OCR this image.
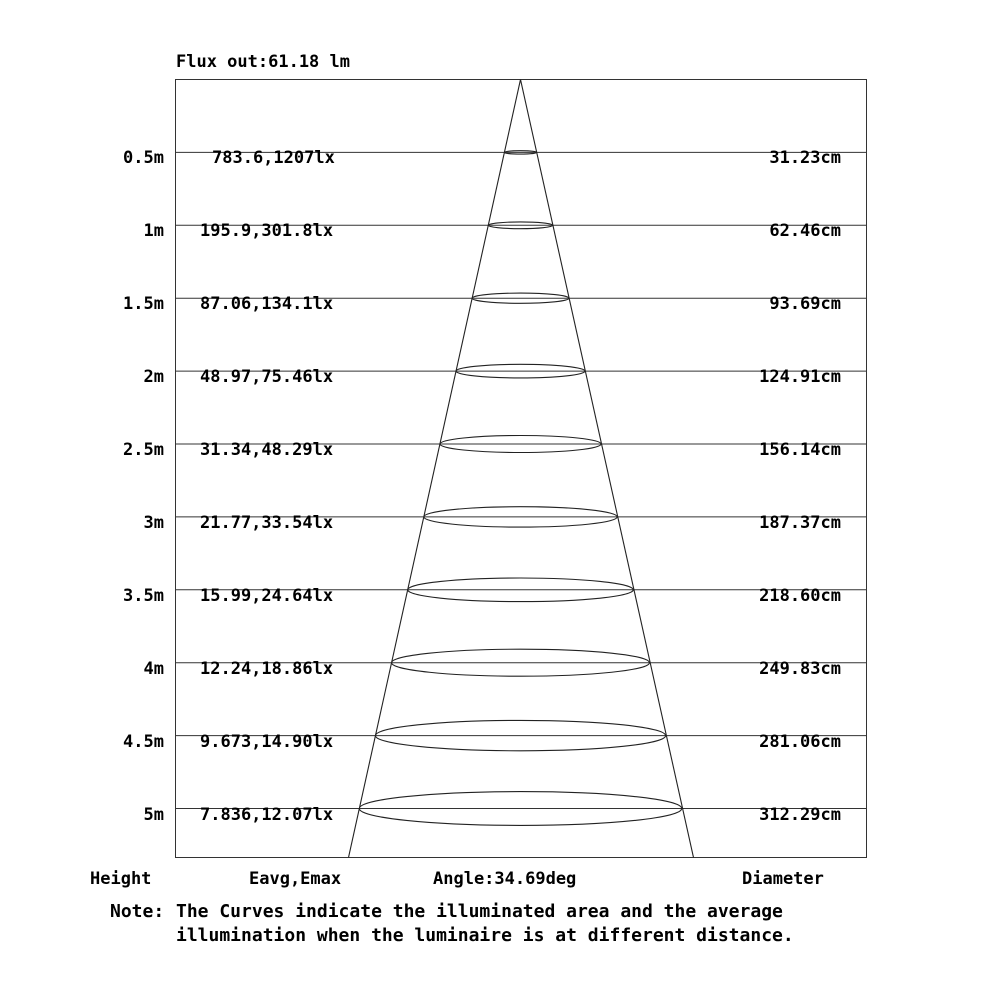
Flux out:61.18 lm
0.5m	783.6,1207lx	31.23cm
1m 195.9,301.8lx	62.46cm
1.5m 87.06,134.1lx	93.69cm
2m 48.97,75.46lx	124.91cm
2.5m 31.34,48.29lx	156.14cm
3m 21.77,33.54lx	187.37cm
3.5m 15.99,24.64lx	218.60cm
4m 12.24,18.86lx	249.83cm
4.5m 9.673,14.90lx	281.06cm
5m 7.836,12.07lx	312.29cm
Height	Eavg,Emax	Angle:34.69deg	Diameter
Note: The Curves indicate the illuminated area and the average
illumination when the luminaire is at different distance.
